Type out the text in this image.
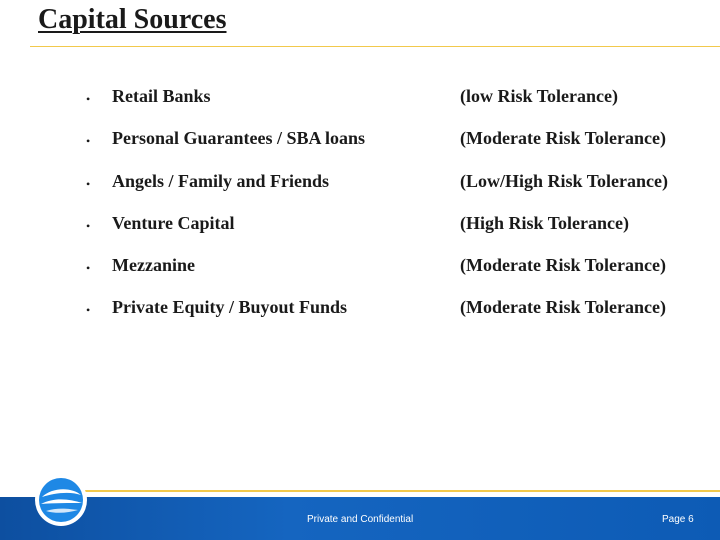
Capital Sources
• Retail Banks	(low Risk Tolerance)
• Personal Guarantees / SBA loans	(Moderate Risk Tolerance)
• Angels / Family and Friends	(Low/High Risk Tolerance)
• Venture Capital	(High Risk Tolerance)
• Mezzanine	(Moderate Risk Tolerance)
• Private Equity / Buyout Funds	(Moderate Risk Tolerance)
Private and Confidential	Page 6
